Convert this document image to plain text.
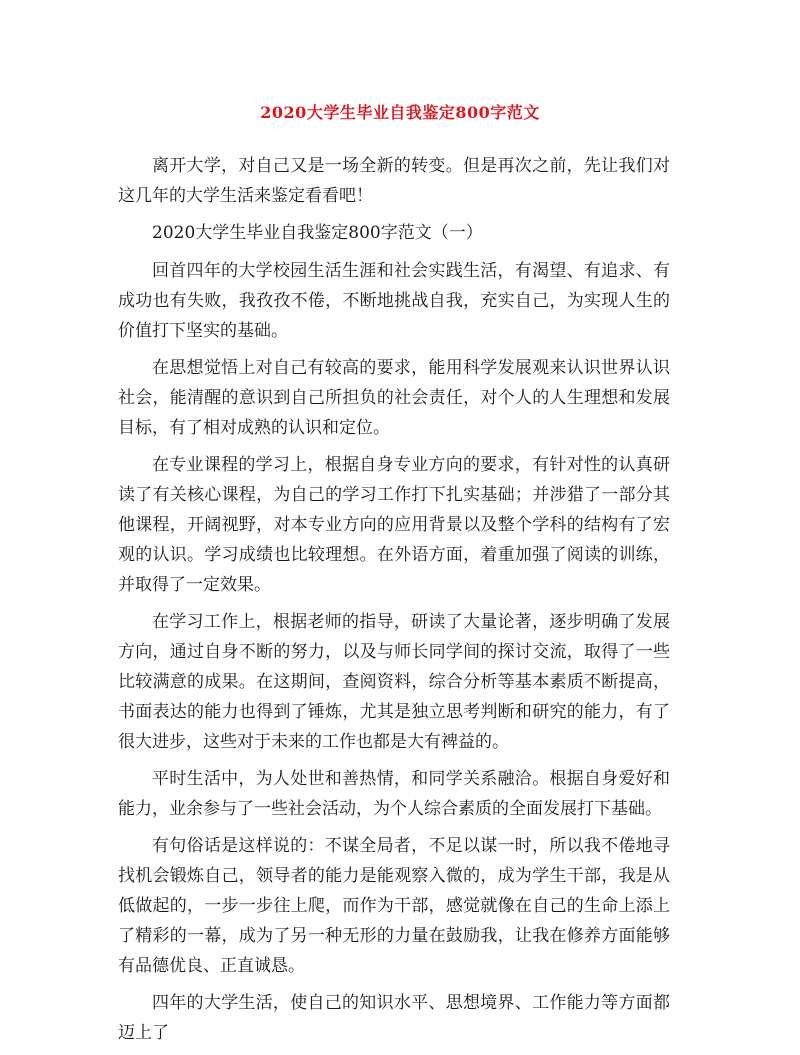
2020大学生毕业自我鉴定800字范文

离开大学，对自己又是一场全新的转变。但是再次之前，先让我们对这几年的大学生活来鉴定看看吧！

2020大学生毕业自我鉴定800字范文（一）

回首四年的大学校园生活生涯和社会实践生活，有渴望、有追求、有成功也有失败，我孜孜不倦，不断地挑战自我，充实自己，为实现人生的价值打下坚实的基础。

在思想觉悟上对自己有较高的要求，能用科学发展观来认识世界认识社会，能清醒的意识到自己所担负的社会责任，对个人的人生理想和发展目标，有了相对成熟的认识和定位。

在专业课程的学习上，根据自身专业方向的要求，有针对性的认真研读了有关核心课程，为自己的学习工作打下扎实基础；并涉猎了一部分其他课程，开阔视野，对本专业方向的应用背景以及整个学科的结构有了宏观的认识。学习成绩也比较理想。在外语方面，着重加强了阅读的训练，并取得了一定效果。

在学习工作上，根据老师的指导，研读了大量论著，逐步明确了发展方向，通过自身不断的努力，以及与师长同学间的探讨交流，取得了一些比较满意的成果。在这期间，查阅资料，综合分析等基本素质不断提高，书面表达的能力也得到了锤炼，尤其是独立思考判断和研究的能力，有了很大进步，这些对于未来的工作也都是大有裨益的。

平时生活中，为人处世和善热情，和同学关系融洽。根据自身爱好和能力，业余参与了一些社会活动，为个人综合素质的全面发展打下基础。

有句俗话是这样说的：不谋全局者，不足以谋一时，所以我不倦地寻找机会锻炼自己，领导者的能力是能观察入微的，成为学生干部，我是从低做起的，一步一步往上爬，而作为干部，感觉就像在自己的生命上添上了精彩的一幕，成为了另一种无形的力量在鼓励我，让我在修养方面能够有品德优良、正直诚恳。

四年的大学生活，使自己的知识水平、思想境界、工作能力等方面都迈上了
